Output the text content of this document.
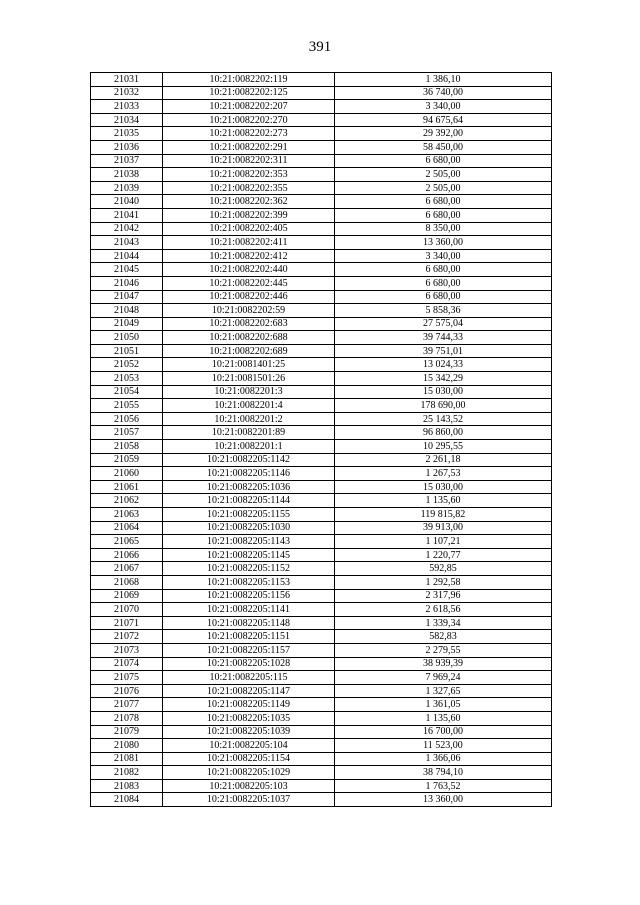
391
21031	10:21:0082202:119	1 386,10
21032	10:21:0082202:125	36 740,00
21033	10:21:0082202:207	3 340,00
21034	10:21:0082202:270	94 675,64
21035	10:21:0082202:273	29 392,00
21036	10:21:0082202:291	58 450,00
21037	10:21:0082202:311	6 680,00
21038	10:21:0082202:353	2 505,00
21039	10:21:0082202:355	2 505,00
21040	10:21:0082202:362	6 680,00
21041	10:21:0082202:399	6 680,00
21042	10:21:0082202:405	8 350,00
21043	10:21:0082202:411	13 360,00
21044	10:21:0082202:412	3 340,00
21045	10:21:0082202:440	6 680,00
21046	10:21:0082202:445	6 680,00
21047	10:21:0082202:446	6 680,00
21048	10:21:0082202:59	5 858,36
21049	10:21:0082202:683	27 575,04
21050	10:21:0082202:688	39 744,33
21051	10:21:0082202:689	39 751,01
21052	10:21:0081401:25	13 024,33
21053	10:21:0081501:26	15 342,29
21054	10:21:0082201:3	15 030,00
21055	10:21:0082201:4	178 690,00
21056	10:21:0082201:2	25 143,52
21057	10:21:0082201:89	96 860,00
21058	10:21:0082201:1	10 295,55
21059	10:21:0082205:1142	2 261,18
21060	10:21:0082205:1146	1 267,53
21061	10:21:0082205:1036	15 030,00
21062	10:21:0082205:1144	1 135,60
21063	10:21:0082205:1155	119 815,82
21064	10:21:0082205:1030	39 913,00
21065	10:21:0082205:1143	1 107,21
21066	10:21:0082205:1145	1 220,77
21067	10:21:0082205:1152	592,85
21068	10:21:0082205:1153	1 292,58
21069	10:21:0082205:1156	2 317,96
21070	10:21:0082205:1141	2 618,56
21071	10:21:0082205:1148	1 339,34
21072	10:21:0082205:1151	582,83
21073	10:21:0082205:1157	2 279,55
21074	10:21:0082205:1028	38 939,39
21075	10:21:0082205:115	7 969,24
21076	10:21:0082205:1147	1 327,65
21077	10:21:0082205:1149	1 361,05
21078	10:21:0082205:1035	1 135,60
21079	10:21:0082205:1039	16 700,00
21080	10:21:0082205:104	11 523,00
21081	10:21:0082205:1154	1 366,06
21082	10:21:0082205:1029	38 794,10
21083	10:21:0082205:103	1 763,52
21084	10:21:0082205:1037	13 360,00
